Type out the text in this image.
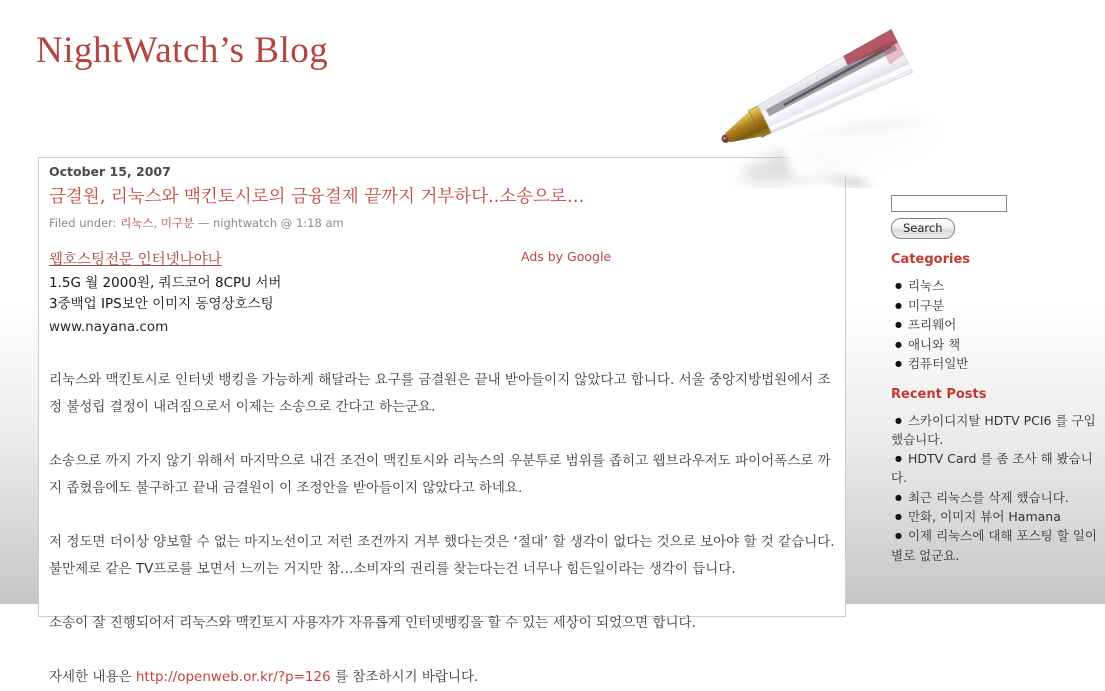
NightWatch’s Blog
October 15, 2007
금결원, 리눅스와 맥킨토시로의 금융결제 끝까지 거부하다..소송으로…
Filed under: 리눅스, 미구분 — nightwatch @ 1:18 am
웹호스팅전문 인터넷나야나	Ads by Google
1.5G 월 2000원, 쿼드코어 8CPU 서버
3중백업 IPS보안 이미지 동영상호스팅
www.nayana.com

리눅스와 맥킨토시로 인터넷 뱅킹을 가능하게 해달라는 요구를 금결원은 끝내 받아들이지 않았다고 합니다. 서울 중앙지방법원에서 조정 불성립 결정이 내려짐으로서 이제는 소송으로 간다고 하는군요.

소송으로 까지 가지 않기 위해서 마지막으로 내건 조건이 맥킨토시와 리눅스의 우분투로 범위를 좁히고 웹브라우저도 파이어폭스로 까지 좁혔음에도 불구하고 끝내 금결원이 이 조정안을 받아들이지 않았다고 하네요.

저 정도면 더이상 양보할 수 없는 마지노선이고 저런 조건까지 거부 했다는것은 ‘절대’ 할 생각이 없다는 것으로 보아야 할 것 같습니다. 불만제로 같은 TV프로를 보면서 느끼는 거지만 참…소비자의 권리를 찾는다는건 너무나 힘든일이라는 생각이 듭니다.

소송이 잘 진행되어서 리눅스와 맥킨토시 사용자가 자유롭게 인터넷뱅킹을 할 수 있는 세상이 되었으면 합니다.

자세한 내용은 http://openweb.or.kr/?p=126 를 참조하시기 바랍니다.

Search
Categories
● 리눅스
● 미구분
● 프리웨어
● 애니와 책
● 컴퓨터일반
Recent Posts
● 스카이디지탈 HDTV PCI6 를 구입했습니다.
● HDTV Card 를 좀 조사 해 봤습니다.
● 최근 리눅스를 삭제 했습니다.
● 만화, 이미지 뷰어 Hamana
● 이제 리눅스에 대해 포스팅 할 일이 별로 없군요.
